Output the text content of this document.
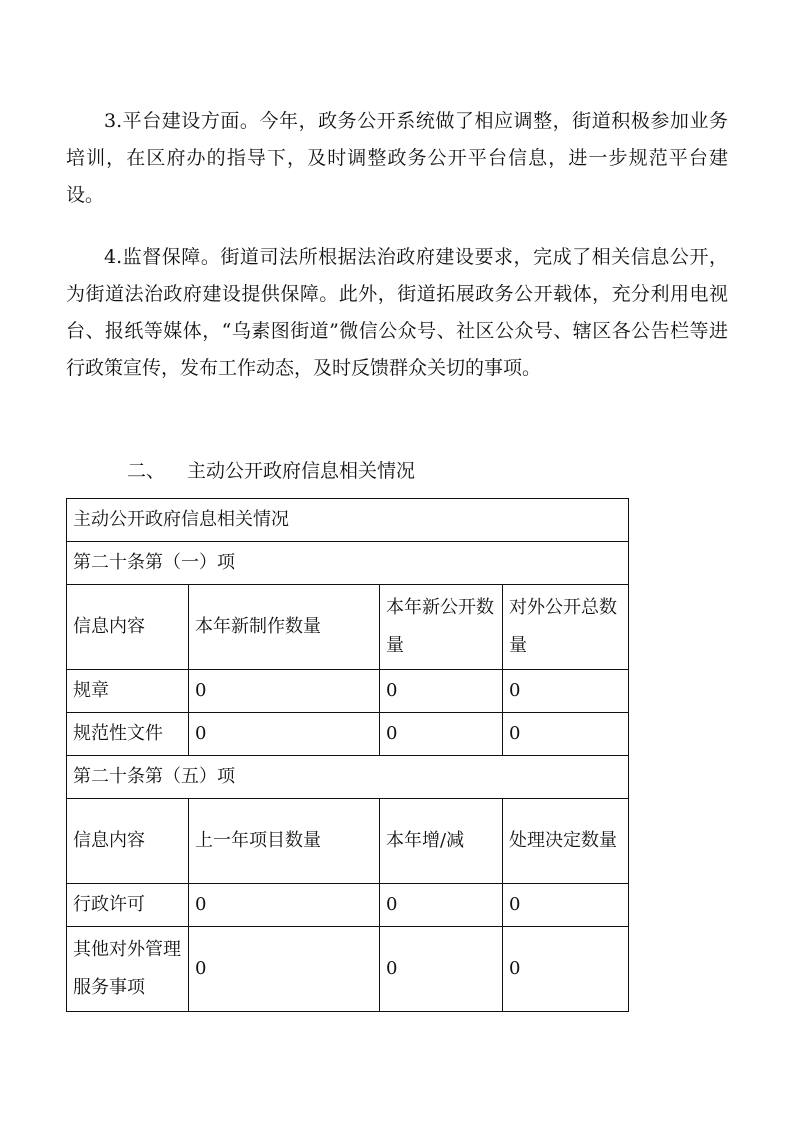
3.平台建设方面。今年，政务公开系统做了相应调整，街道积极参加业务培训，在区府办的指导下，及时调整政务公开平台信息，进一步规范平台建设。

4.监督保障。街道司法所根据法治政府建设要求，完成了相关信息公开，为街道法治政府建设提供保障。此外，街道拓展政务公开载体，充分利用电视台、报纸等媒体，“乌素图街道”微信公众号、社区公众号、辖区各公告栏等进行政策宣传，发布工作动态，及时反馈群众关切的事项。

二、 主动公开政府信息相关情况

主动公开政府信息相关情况			
第二十条第（一）项			
信息内容	本年新制作数量	本年新公开数量	对外公开总数量
规章	0	0	0
规范性文件	0	0	0
第二十条第（五）项			
信息内容	上一年项目数量	本年增/减	处理决定数量
行政许可	0	0	0
其他对外管理服务事项	0	0	0
